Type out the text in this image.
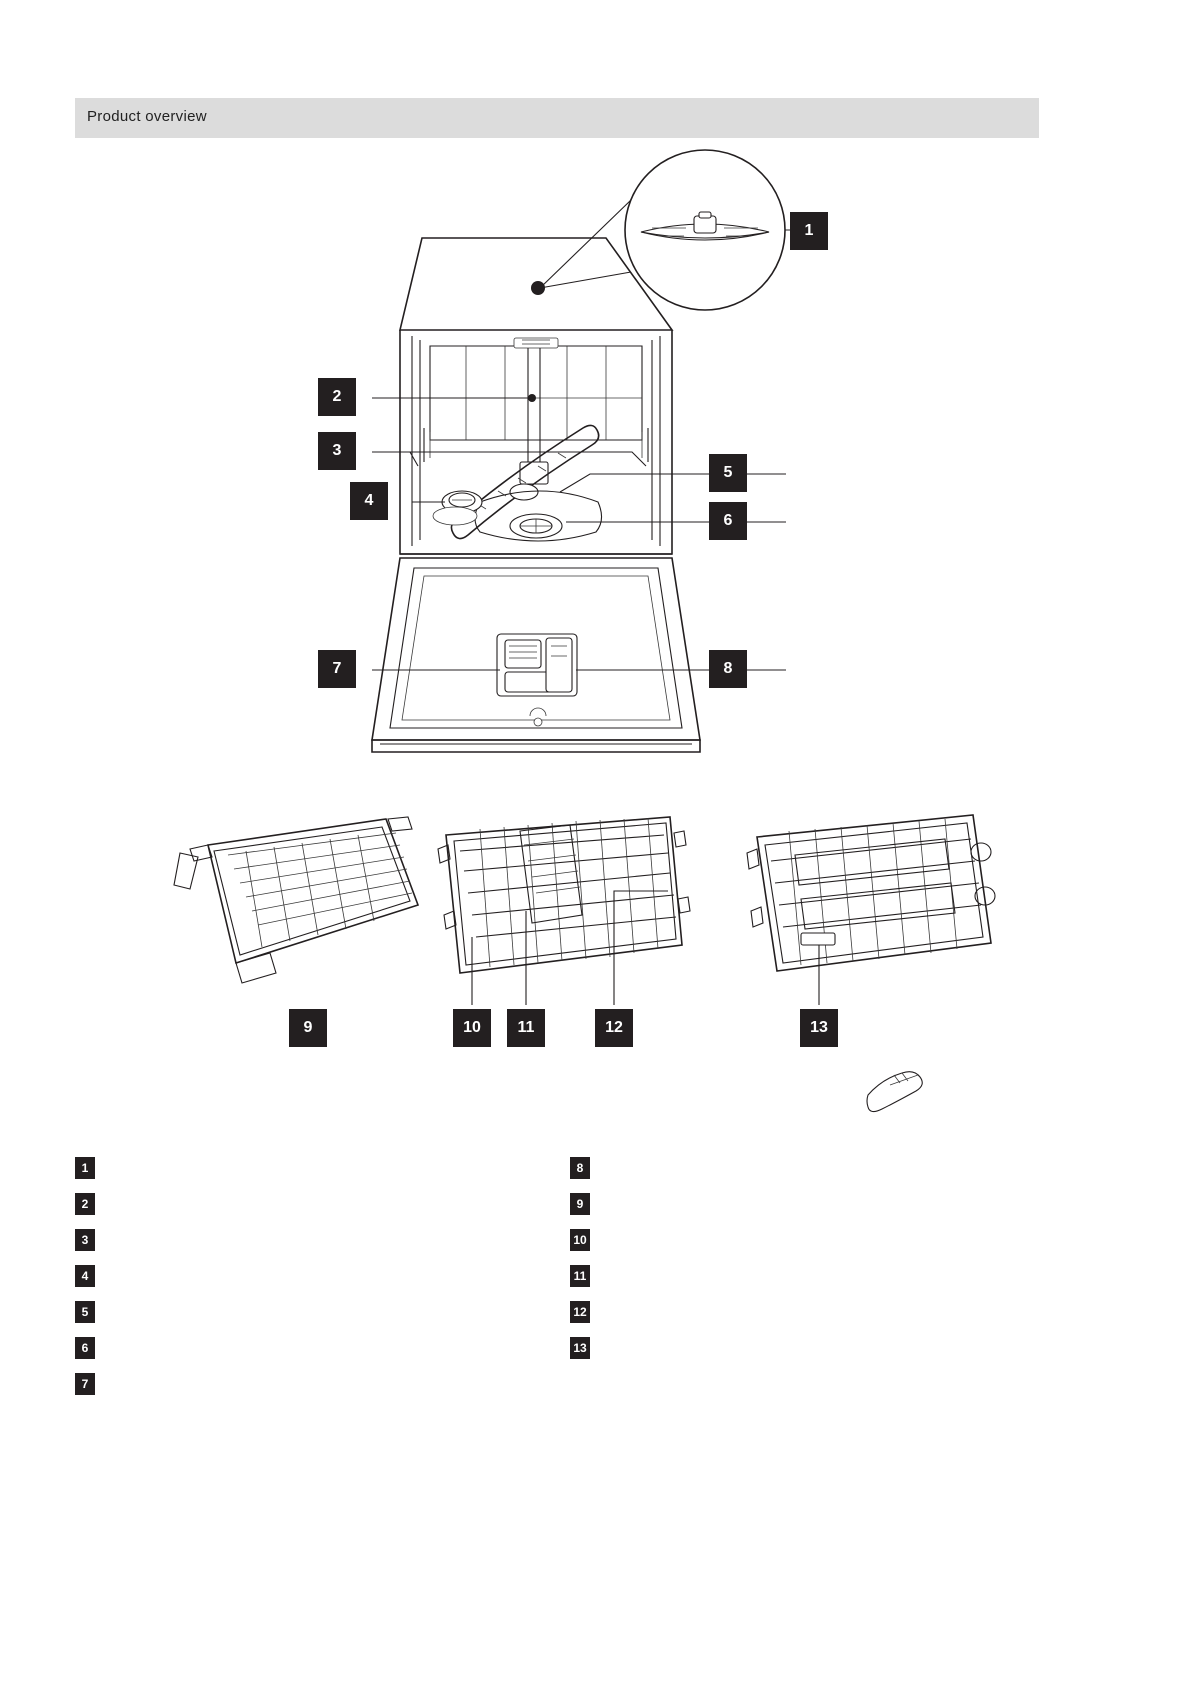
Product overview
1
2
3
4
5
6
7	8
9	10	11	12	13
1
2
3
4
5
6
7
8
9
10
11
12
13
